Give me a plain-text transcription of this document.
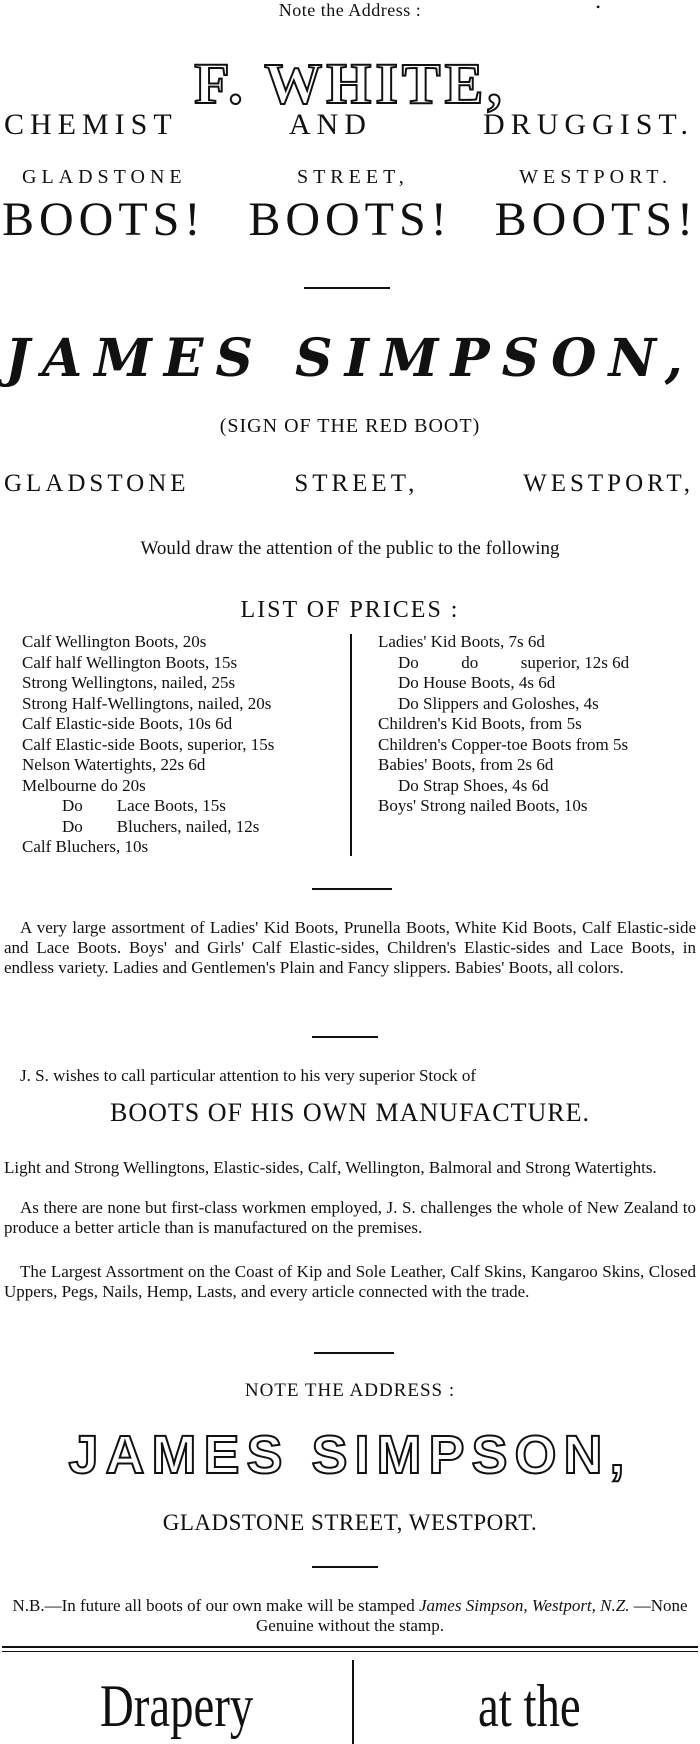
•
Note the Address :
F. WHITE,
CHEMIST	AND	DRUGGIST.
GLADSTONE	STREET,	WESTPORT.
BOOTS! BOOTS! BOOTS!
JAMES SIMPSON,
(SIGN OF THE RED BOOT)
GLADSTONE	STREET,	WESTPORT,
Would draw the attention of the public to the following
LIST OF PRICES :
Calf Wellington Boots, 20s
Calf half Wellington Boots, 15s
Strong Wellingtons, nailed, 25s
Strong Half-Wellingtons, nailed, 20s
Calf Elastic-side Boots, 10s 6d
Calf Elastic-side Boots, superior, 15s
Nelson Watertights, 22s 6d
Melbourne do 20s
Do        Lace Boots, 15s
Do        Bluchers, nailed, 12s
Calf Bluchers, 10s
Ladies' Kid Boots, 7s 6d
Do          do          superior, 12s 6d
Do House Boots, 4s 6d
Do Slippers and Goloshes, 4s
Children's Kid Boots, from 5s
Children's Copper-toe Boots from 5s
Babies' Boots, from 2s 6d
Do Strap Shoes, 4s 6d
Boys' Strong nailed Boots, 10s
A very large assortment of Ladies' Kid Boots, Prunella Boots, White Kid Boots, Calf Elastic-side and Lace Boots. Boys' and Girls' Calf Elastic-sides, Children's Elastic-sides and Lace Boots, in endless variety. Ladies and Gentlemen's Plain and Fancy slippers. Babies' Boots, all colors.
J. S. wishes to call particular attention to his very superior Stock of
BOOTS OF HIS OWN MANUFACTURE.
Light and Strong Wellingtons, Elastic-sides, Calf, Wellington, Balmoral and Strong Watertights.
As there are none but first-class workmen employed, J. S. challenges the whole of New Zealand to produce a better article than is manufactured on the premises.
The Largest Assortment on the Coast of Kip and Sole Leather, Calf Skins, Kangaroo Skins, Closed Uppers, Pegs, Nails, Hemp, Lasts, and every article connected with the trade.
NOTE THE ADDRESS :
JAMES SIMPSON,
GLADSTONE STREET, WESTPORT.
N.B.—In future all boots of our own make will be stamped James Simpson, Westport, N.Z. —None Genuine without the stamp.
Drapery	at the
